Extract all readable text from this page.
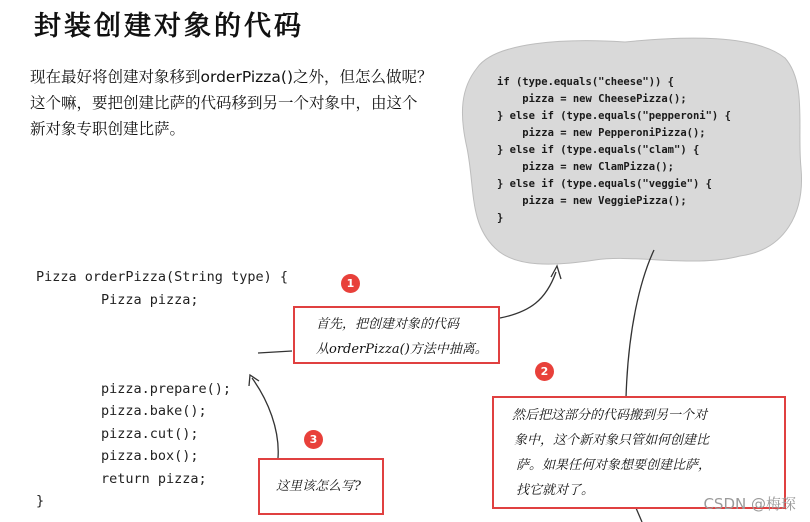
封装创建对象的代码
现在最好将创建对象移到orderPizza()之外，但怎么做呢？
这个嘛，要把创建比萨的代码移到另一个对象中，由这个
新对象专职创建比萨。
if (type.equals("cheese")) {
pizza = new CheesePizza();
} else if (type.equals("pepperoni") {
pizza = new PepperoniPizza();
} else if (type.equals("clam") {
pizza = new ClamPizza();
} else if (type.equals("veggie") {
pizza = new VeggiePizza();
}
Pizza orderPizza(String type) {
Pizza pizza;
pizza.prepare();
pizza.bake();
pizza.cut();
pizza.box();
return pizza;
}
首先，把创建对象的代码
从orderPizza()方法中抽离。
然后把这部分的代码搬到另一个对
象中，这个新对象只管如何创建比
萨。如果任何对象想要创建比萨，
找它就对了。
这里该怎么写?
1
2
3
CSDN @梅琛
